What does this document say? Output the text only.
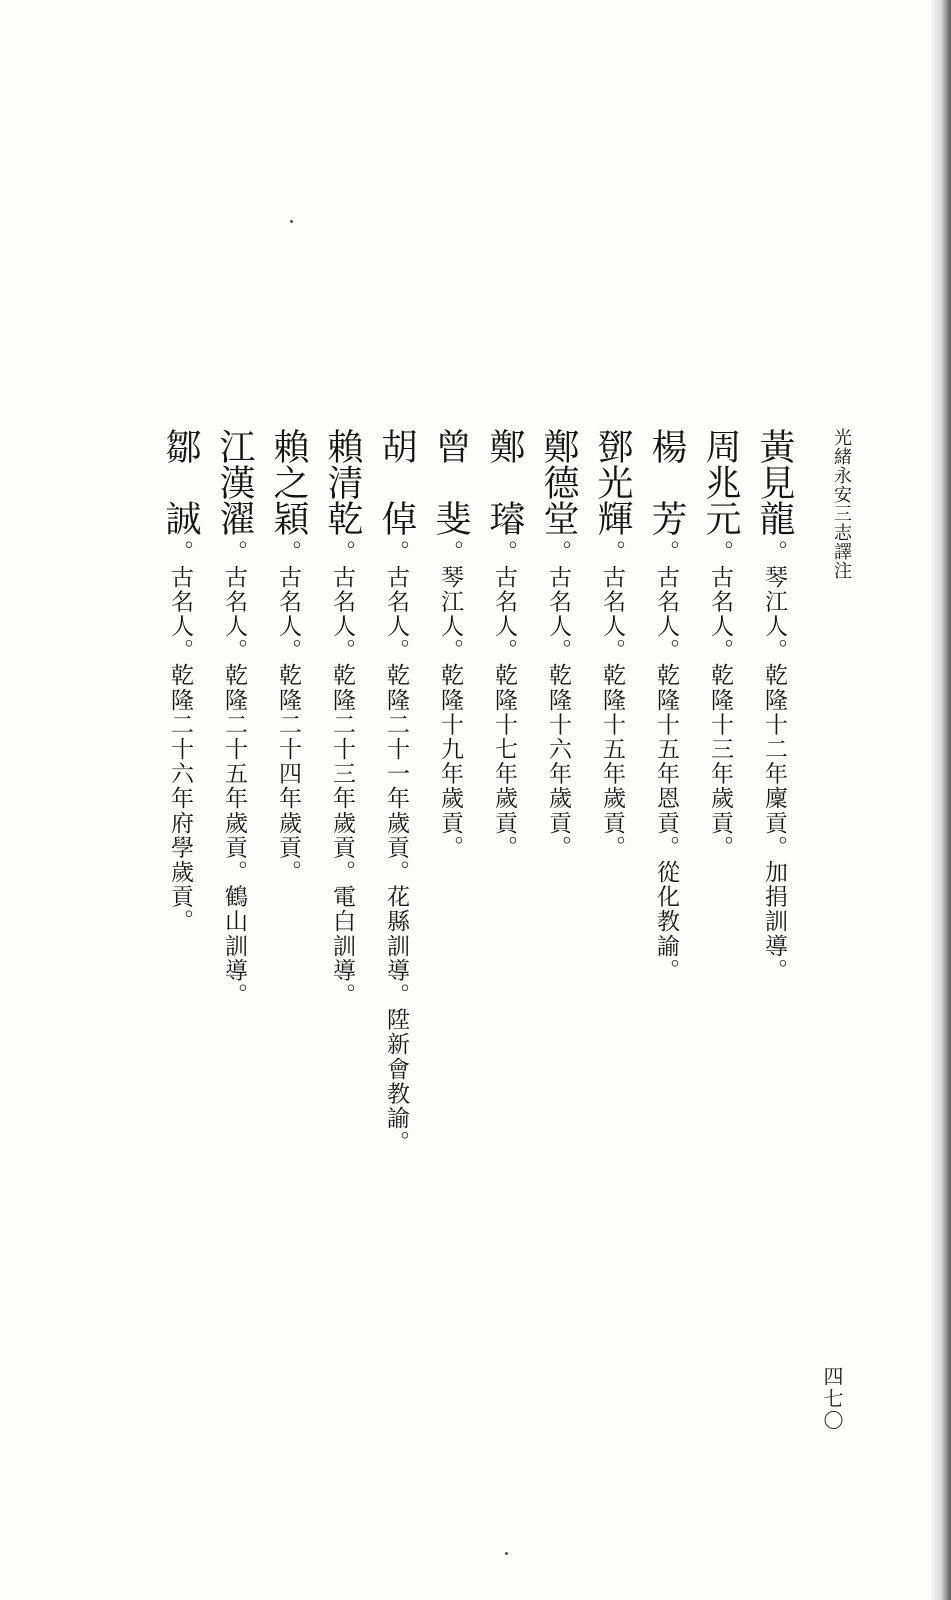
光緒永安三志譯注
黃見龍。琴江人。乾隆十二年廩貢。加捐訓導。
周兆元。古名人。乾隆十三年歲貢。
楊　芳。古名人。乾隆十五年恩貢。從化教諭。
鄧光輝。古名人。乾隆十五年歲貢。
鄭德堂。古名人。乾隆十六年歲貢。
鄭　璿。古名人。乾隆十七年歲貢。
曾　斐。琴江人。乾隆十九年歲貢。
胡　倬。古名人。乾隆二十一年歲貢。花縣訓導。陞新會教諭。
賴清乾。古名人。乾隆二十三年歲貢。電白訓導。
賴之穎。古名人。乾隆二十四年歲貢。
江漢濯。古名人。乾隆二十五年歲貢。鶴山訓導。
鄒　誠。古名人。乾隆二十六年府學歲貢。
四七〇
